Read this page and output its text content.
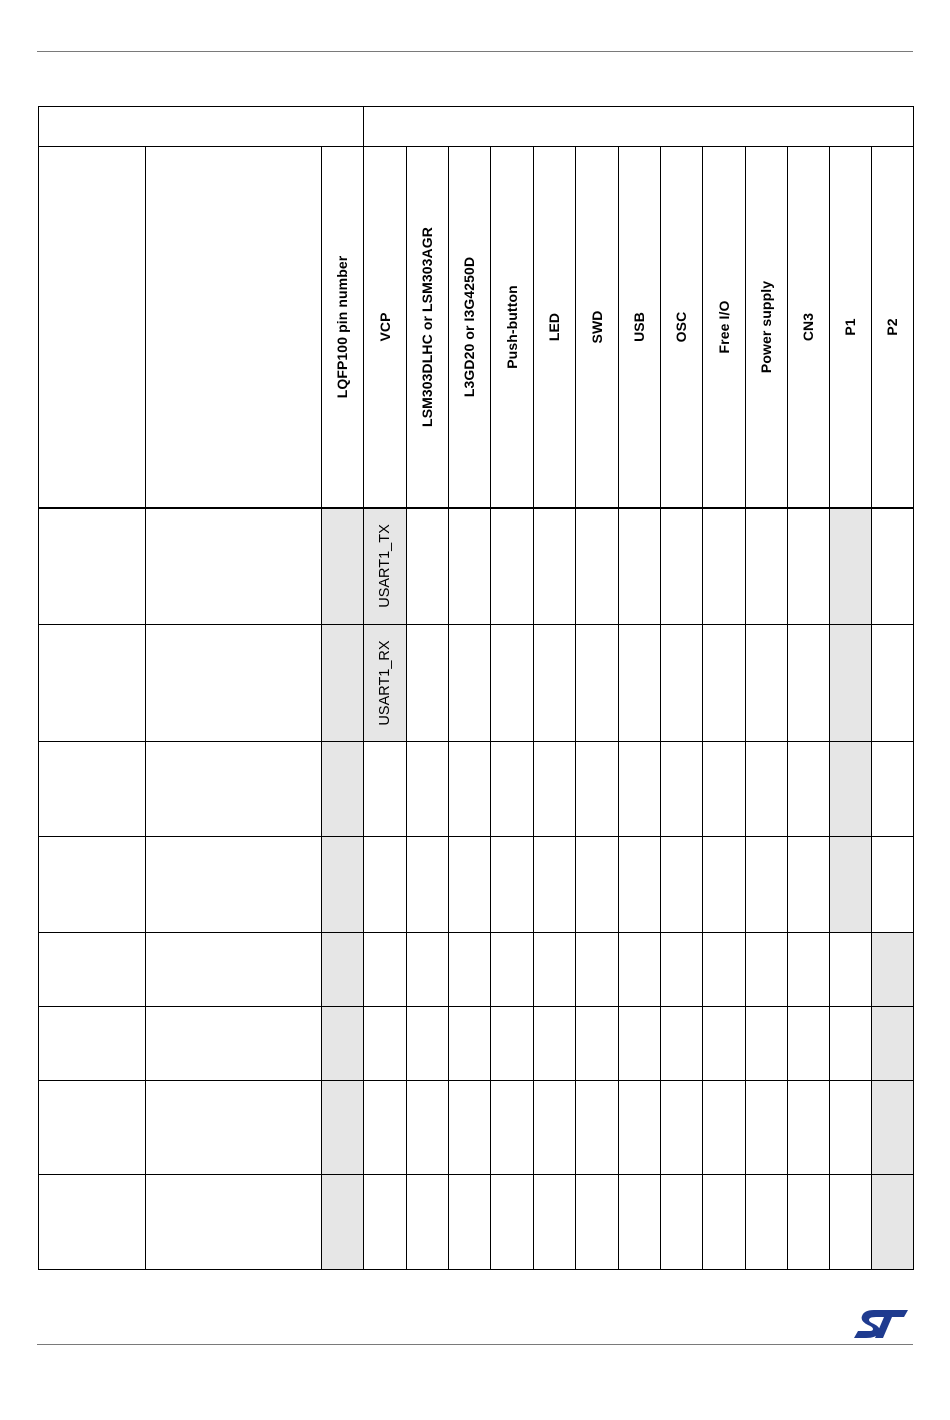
USART1_TX
USART1_RX
LQFP100 pin number VCP LSM303DLHC or LSM303AGR L3GD20 or I3G4250D Push-button LED SWD USB OSC Free I/O Power supply CN3 P1 P2
